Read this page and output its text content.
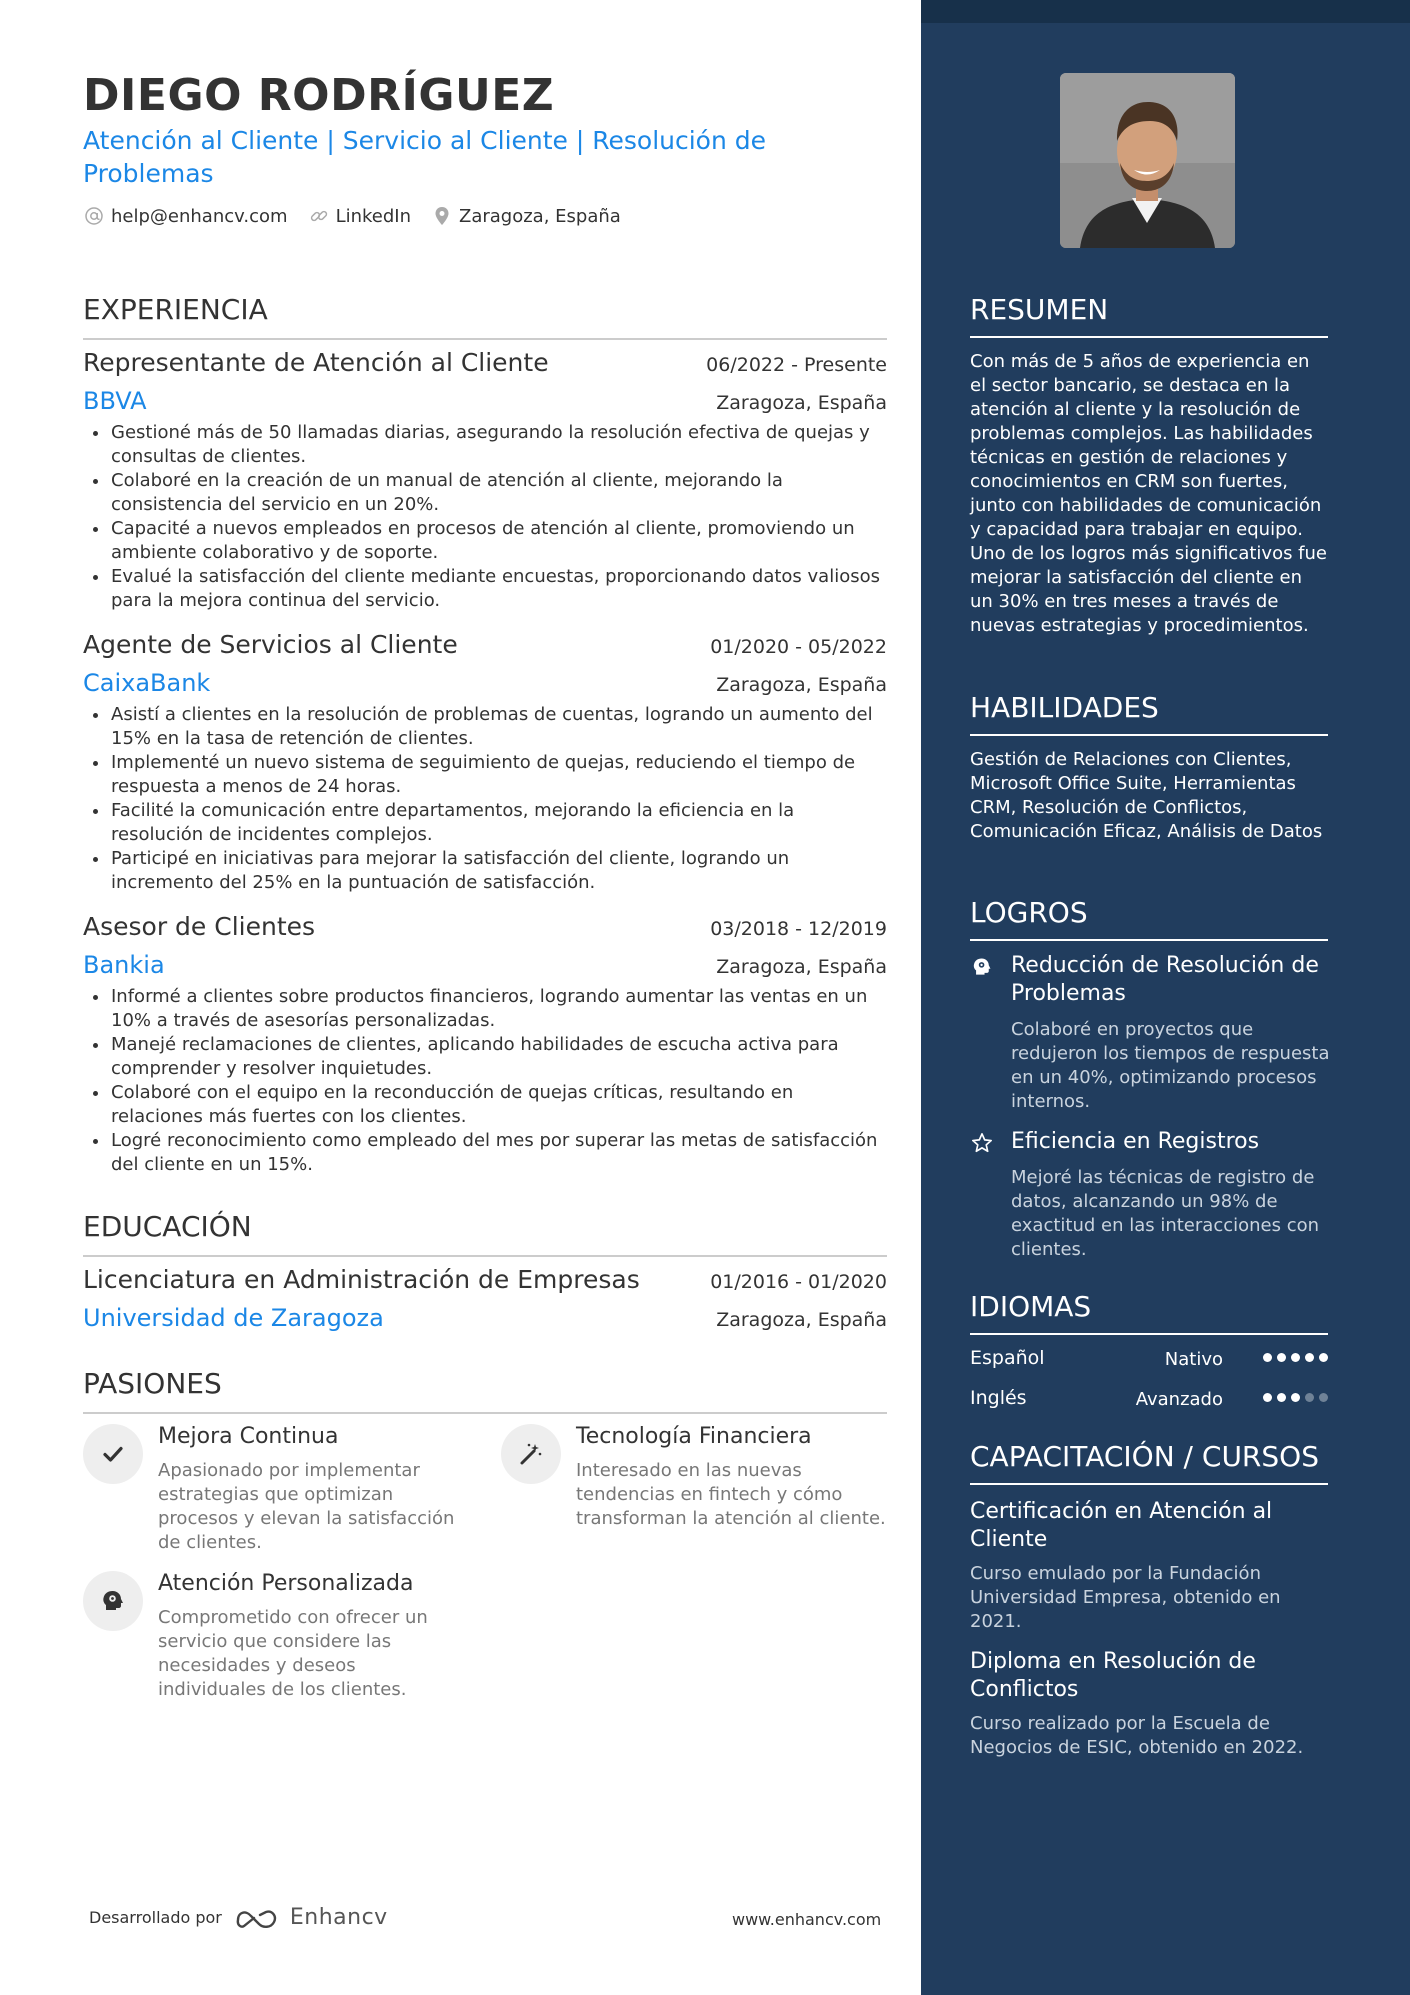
DIEGO RODRÍGUEZ
Atención al Cliente | Servicio al Cliente | Resolución de Problemas
help@enhancv.com	LinkedIn	Zaragoza, España
EXPERIENCIA
Representante de Atención al Cliente	06/2022 - Presente
BBVA	Zaragoza, España
Gestioné más de 50 llamadas diarias, asegurando la resolución efectiva de quejas y consultas de clientes.
Colaboré en la creación de un manual de atención al cliente, mejorando la consistencia del servicio en un 20%.
Capacité a nuevos empleados en procesos de atención al cliente, promoviendo un ambiente colaborativo y de soporte.
Evalué la satisfacción del cliente mediante encuestas, proporcionando datos valiosos para la mejora continua del servicio.
Agente de Servicios al Cliente	01/2020 - 05/2022
CaixaBank	Zaragoza, España
Asistí a clientes en la resolución de problemas de cuentas, logrando un aumento del 15% en la tasa de retención de clientes.
Implementé un nuevo sistema de seguimiento de quejas, reduciendo el tiempo de respuesta a menos de 24 horas.
Facilité la comunicación entre departamentos, mejorando la eficiencia en la resolución de incidentes complejos.
Participé en iniciativas para mejorar la satisfacción del cliente, logrando un incremento del 25% en la puntuación de satisfacción.
Asesor de Clientes	03/2018 - 12/2019
Bankia	Zaragoza, España
Informé a clientes sobre productos financieros, logrando aumentar las ventas en un 10% a través de asesorías personalizadas.
Manejé reclamaciones de clientes, aplicando habilidades de escucha activa para comprender y resolver inquietudes.
Colaboré con el equipo en la reconducción de quejas críticas, resultando en relaciones más fuertes con los clientes.
Logré reconocimiento como empleado del mes por superar las metas de satisfacción del cliente en un 15%.
EDUCACIÓN
Licenciatura en Administración de Empresas	01/2016 - 01/2020
Universidad de Zaragoza	Zaragoza, España
PASIONES
Mejora Continua
Apasionado por implementar estrategias que optimizan procesos y elevan la satisfacción de clientes.
Tecnología Financiera
Interesado en las nuevas tendencias en fintech y cómo transforman la atención al cliente.
Atención Personalizada
Comprometido con ofrecer un servicio que considere las necesidades y deseos individuales de los clientes.
Desarrollado por	Enhancv	www.enhancv.com
RESUMEN
Con más de 5 años de experiencia en el sector bancario, se destaca en la atención al cliente y la resolución de problemas complejos. Las habilidades técnicas en gestión de relaciones y conocimientos en CRM son fuertes, junto con habilidades de comunicación y capacidad para trabajar en equipo. Uno de los logros más significativos fue mejorar la satisfacción del cliente en un 30% en tres meses a través de nuevas estrategias y procedimientos.
HABILIDADES
Gestión de Relaciones con Clientes, Microsoft Office Suite, Herramientas CRM, Resolución de Conflictos, Comunicación Eficaz, Análisis de Datos
LOGROS
Reducción de Resolución de Problemas
Colaboré en proyectos que redujeron los tiempos de respuesta en un 40%, optimizando procesos internos.
Eficiencia en Registros
Mejoré las técnicas de registro de datos, alcanzando un 98% de exactitud en las interacciones con clientes.
IDIOMAS
Español	Nativo
Inglés	Avanzado
CAPACITACIÓN / CURSOS
Certificación en Atención al Cliente
Curso emulado por la Fundación Universidad Empresa, obtenido en 2021.
Diploma en Resolución de Conflictos
Curso realizado por la Escuela de Negocios de ESIC, obtenido en 2022.
